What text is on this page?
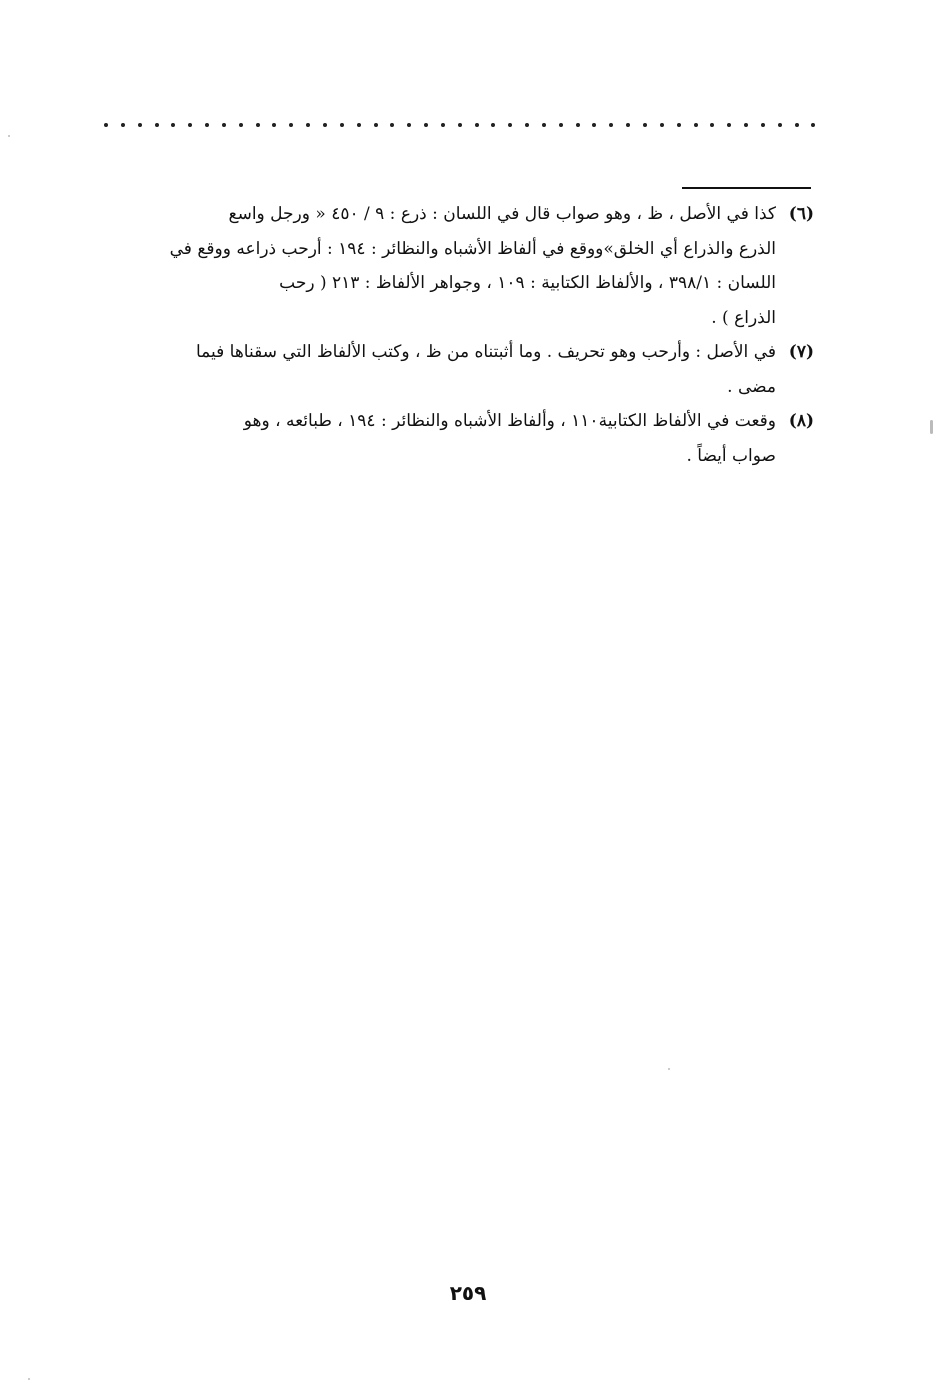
(٦)
كذا في الأصل ، ظ ، وهو صواب قال في اللسان : ذرع : ٩ / ٤٥٠ « ورجل واسع
الذرع والذراع أي الخلق»ووقع في ألفاظ الأشباه والنظائر : ١٩٤ : أرحب ذراعه ووقع في
اللسان : ٣٩٨/١ ، والألفاظ الكتابية : ١٠٩ ، وجواهر الألفاظ : ٢١٣ ( رحب
الذراع ) .
(٧)
في الأصل : وأرحب وهو تحريف . وما أثبتناه من ظ ، وكتب الألفاظ التي سقناها فيما
مضى .
(٨)
وقعت في الألفاظ الكتابية١١٠ ، وألفاظ الأشباه والنظائر : ١٩٤ ، طبائعه ، وهو
صواب أيضاً .
٢٥٩
